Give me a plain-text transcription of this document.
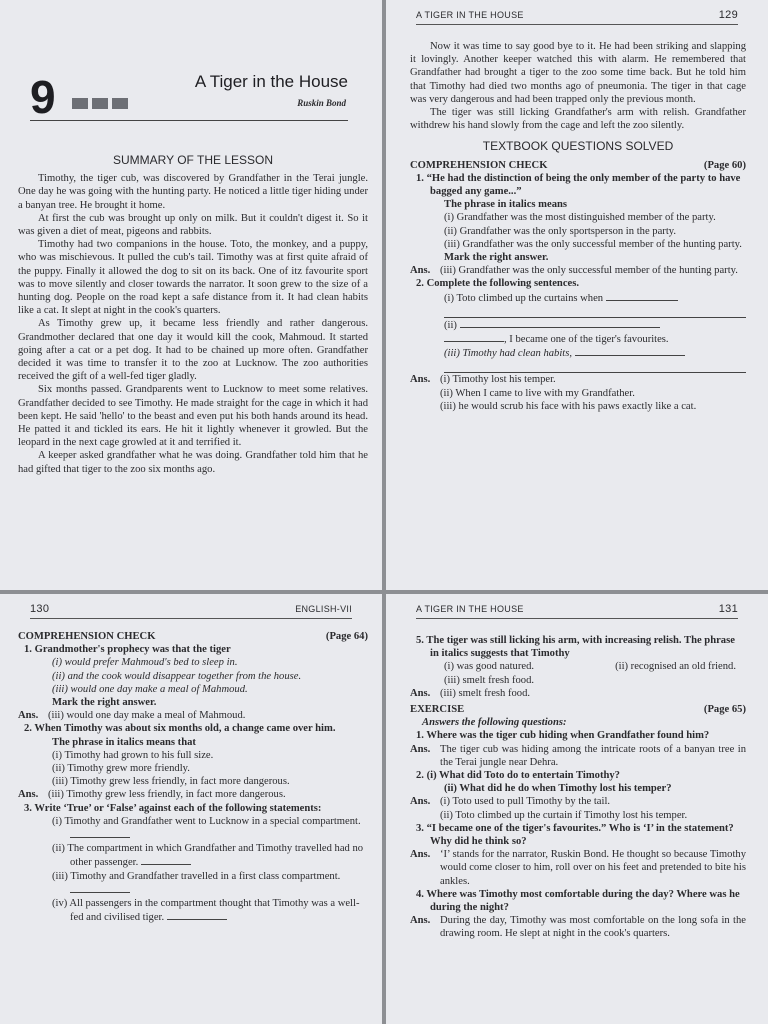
9	A Tiger in the House
Ruskin Bond
SUMMARY OF THE LESSON

Timothy, the tiger cub, was discovered by Grandfather in the Terai jungle. One day he was going with the hunting party. He noticed a little tiger hiding under a banyan tree. He brought it home.

At first the cub was brought up only on milk. But it couldn't digest it. So it was given a diet of meat, pigeons and rabbits.

Timothy had two companions in the house. Toto, the monkey, and a puppy, who was mischievous. It pulled the cub's tail. Timothy was at first quite afraid of the puppy. Finally it allowed the dog to sit on its back. One of itz favourite sport was to move silently and closer towards the narrator. It soon grew to the size of a hunting dog. People on the road kept a safe distance from it. It had clean habits like a cat. It slept at night in the cook's quarters.

As Timothy grew up, it became less friendly and rather dangerous. Grandmother declared that one day it would kill the cook, Mahmoud. It started going after a cat or a pet dog. It had to be chained up more often. Grandfather decided it was time to transfer it to the zoo at Lucknow. The zoo authorities received the gift of a well-fed tiger gladly.

Six months passed. Grandparents went to Lucknow to meet some relatives. Grandfather decided to see Timothy. He made straight for the cage in which it had been kept. He said 'hello' to the beast and even put his both hands around its head. He patted it and tickled its ears. He hit it lightly whenever it growled. But the leopard in the next cage growled at it and terrified it.

A keeper asked grandfather what he was doing. Grandfather told him that he had gifted that tiger to the zoo six months ago.

A TIGER IN THE HOUSE	129

Now it was time to say good bye to it. He had been striking and slapping it lovingly. Another keeper watched this with alarm. He remembered that Grandfather had brought a tiger to the zoo some time back. But he told him that Timothy had died two months ago of pneumonia. The tiger in that cage was very dangerous and had been trapped only the previous month.

The tiger was still licking Grandfather's arm with relish. Grandfather withdrew his hand slowly from the cage and left the zoo silently.

TEXTBOOK QUESTIONS SOLVED
COMPREHENSION CHECK	(Page 60)

1. “He had the distinction of being the only member of the party to have bagged any game...”

The phrase in italics means

(i) Grandfather was the most distinguished member of the party.

(ii) Grandfather was the only sportsperson in the party.

(iii) Grandfather was the only successful member of the hunting party.

Mark the right answer.

Ans. (iii) Grandfather was the only successful member of the hunting party.

2. Complete the following sentences.

(i) Toto climbed up the curtains when

(ii)

, I became one of the tiger's favourites.

(iii) Timothy had clean habits,

Ans. (i) Timothy lost his temper.

(ii) When I came to live with my Grandfather.

(iii) he would scrub his face with his paws exactly like a cat.

130	ENGLISH-VII
COMPREHENSION CHECK	(Page 64)

1. Grandmother's prophecy was that the tiger

(i) would prefer Mahmoud's bed to sleep in.

(ii) and the cook would disappear together from the house.

(iii) would one day make a meal of Mahmoud.

Mark the right answer.

Ans. (iii) would one day make a meal of Mahmoud.

2. When Timothy was about six months old, a change came over him.

The phrase in italics means that

(i) Timothy had grown to his full size.

(ii) Timothy grew more friendly.

(iii) Timothy grew less friendly, in fact more dangerous.

Ans. (iii) Timothy grew less friendly, in fact more dangerous.

3. Write ‘True’ or ‘False’ against each of the following statements:

(i) Timothy and Grandfather went to Lucknow in a special compartment.

(ii) The compartment in which Grandfather and Timothy travelled had no other passenger.

(iii) Timothy and Grandfather travelled in a first class compartment.

(iv) All passengers in the compartment thought that Timothy was a well-fed and civilised tiger.

A TIGER IN THE HOUSE	131

5. The tiger was still licking his arm, with increasing relish. The phrase in italics suggests that Timothy

(i) was good natured.	(ii) recognised an old friend.

(iii) smelt fresh food.

Ans. (iii) smelt fresh food.
EXERCISE	(Page 65)

Answers the following questions:

1. Where was the tiger cub hiding when Grandfather found him?

Ans. The tiger cub was hiding among the intricate roots of a banyan tree in the Terai jungle near Dehra.

2. (i) What did Toto do to entertain Timothy?

(ii) What did he do when Timothy lost his temper?

Ans. (i) Toto used to pull Timothy by the tail.

(ii) Toto climbed up the curtain if Timothy lost his temper.

3. “I became one of the tiger's favourites.” Who is ‘I’ in the statement? Why did he think so?

Ans. ‘I’ stands for the narrator, Ruskin Bond. He thought so because Timothy would come closer to him, roll over on his feet and pretended to bite his ankles.

4. Where was Timothy most comfortable during the day? Where was he during the night?

Ans. During the day, Timothy was most comfortable on the long sofa in the drawing room. He slept at night in the cook's quarters.
